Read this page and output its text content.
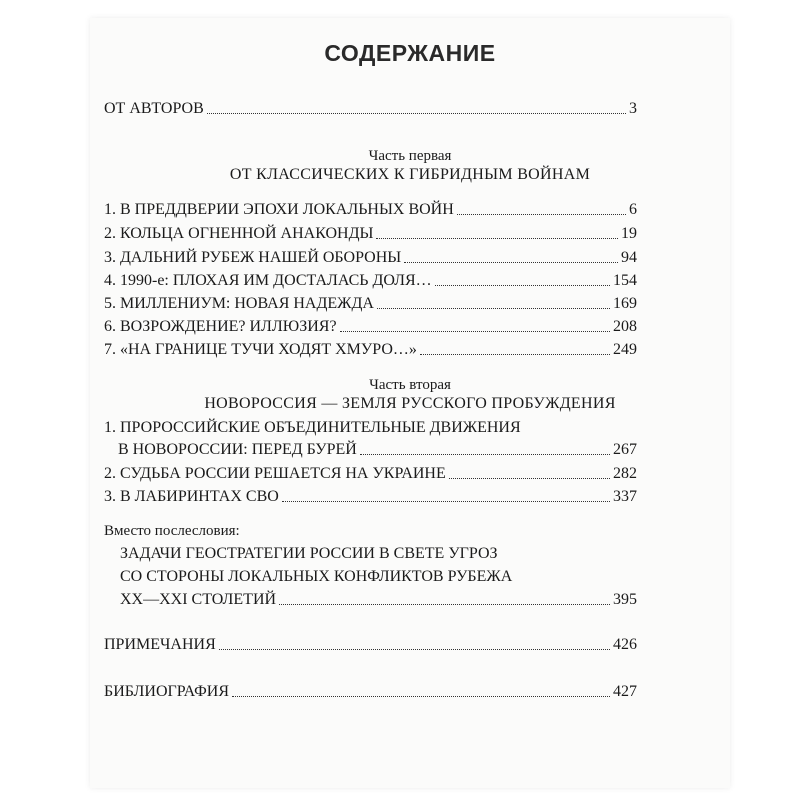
СОДЕРЖАНИЕ
ОТ АВТОРОВ	3
Часть первая
ОТ КЛАССИЧЕСКИХ К ГИБРИДНЫМ ВОЙНАМ
1. В ПРЕДДВЕРИИ ЭПОХИ ЛОКАЛЬНЫХ ВОЙН	6
2. КОЛЬЦА ОГНЕННОЙ АНАКОНДЫ	19
3. ДАЛЬНИЙ РУБЕЖ НАШЕЙ ОБОРОНЫ	94
4. 1990-е: ПЛОХАЯ ИМ ДОСТАЛАСЬ ДОЛЯ…	154
5. МИЛЛЕНИУМ: НОВАЯ НАДЕЖДА	169
6. ВОЗРОЖДЕНИЕ? ИЛЛЮЗИЯ?	208
7. «НА ГРАНИЦЕ ТУЧИ ХОДЯТ ХМУРО…»	249
Часть вторая
НОВОРОССИЯ — ЗЕМЛЯ РУССКОГО ПРОБУЖДЕНИЯ
1. ПРОРОССИЙСКИЕ ОБЪЕДИНИТЕЛЬНЫЕ ДВИЖЕНИЯ
В НОВОРОССИИ: ПЕРЕД БУРЕЙ	267
2. СУДЬБА РОССИИ РЕШАЕТСЯ НА УКРАИНЕ	282
3. В ЛАБИРИНТАХ СВО	337
Вместо послесловия:
ЗАДАЧИ ГЕОСТРАТЕГИИ РОССИИ В СВЕТЕ УГРОЗ
СО СТОРОНЫ ЛОКАЛЬНЫХ КОНФЛИКТОВ РУБЕЖА
XX—XXI СТОЛЕТИЙ	395
ПРИМЕЧАНИЯ	426
БИБЛИОГРАФИЯ	427
